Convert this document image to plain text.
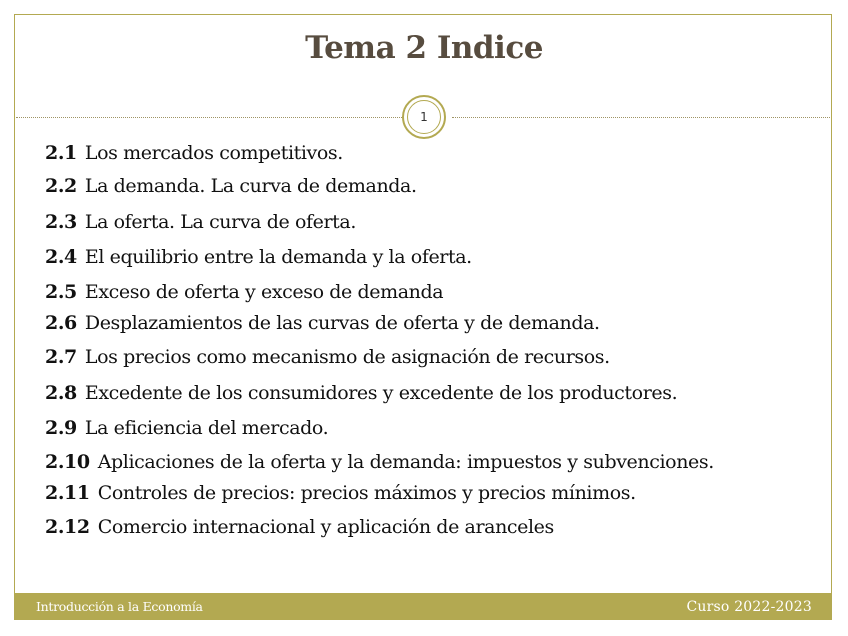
Tema 2 Indice
1
2.1 Los mercados competitivos.
2.2 La demanda. La curva de demanda.
2.3 La oferta. La curva de oferta.
2.4 El equilibrio entre la demanda y la oferta.
2.5 Exceso de oferta y exceso de demanda
2.6 Desplazamientos de las curvas de oferta y de demanda.
2.7 Los precios como mecanismo de asignación de recursos.
2.8 Excedente de los consumidores y excedente de los productores.
2.9 La eficiencia del mercado.
2.10 Aplicaciones de la oferta y la demanda: impuestos y subvenciones.
2.11 Controles de precios: precios máximos y precios mínimos.
2.12 Comercio internacional y aplicación de aranceles
Introducción a la Economía	Curso 2022-2023
